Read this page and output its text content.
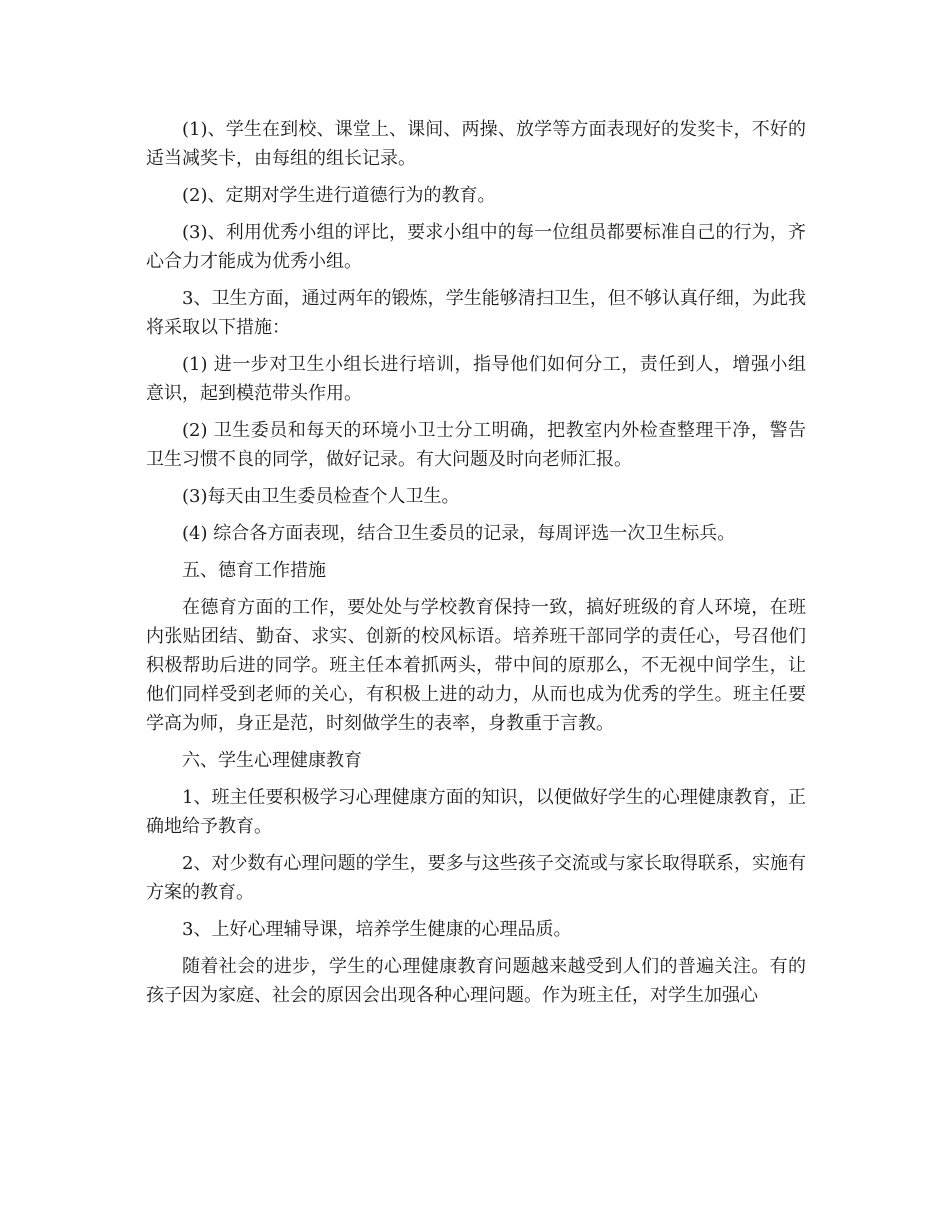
(1)、学生在到校、课堂上、课间、两操、放学等方面表现好的发奖卡，不好的适当减奖卡，由每组的组长记录。

(2)、定期对学生进行道德行为的教育。

(3)、利用优秀小组的评比，要求小组中的每一位组员都要标准自己的行为，齐心合力才能成为优秀小组。

3、卫生方面，通过两年的锻炼，学生能够清扫卫生，但不够认真仔细，为此我将采取以下措施：

(1) 进一步对卫生小组长进行培训，指导他们如何分工，责任到人，增强小组意识，起到模范带头作用。

(2) 卫生委员和每天的环境小卫士分工明确，把教室内外检查整理干净，警告卫生习惯不良的同学，做好记录。有大问题及时向老师汇报。

(3)每天由卫生委员检查个人卫生。

(4) 综合各方面表现，结合卫生委员的记录，每周评选一次卫生标兵。

五、德育工作措施

在德育方面的工作，要处处与学校教育保持一致，搞好班级的育人环境，在班内张贴团结、勤奋、求实、创新的校风标语。培养班干部同学的责任心，号召他们积极帮助后进的同学。班主任本着抓两头，带中间的原那么，不无视中间学生，让他们同样受到老师的关心，有积极上进的动力，从而也成为优秀的学生。班主任要 学高为师，身正是范，时刻做学生的表率，身教重于言教。

六、学生心理健康教育

1、班主任要积极学习心理健康方面的知识，以便做好学生的心理健康教育，正确地给予教育。

2、对少数有心理问题的学生，要多与这些孩子交流或与家长取得联系，实施有方案的教育。

3、上好心理辅导课，培养学生健康的心理品质。

随着社会的进步，学生的心理健康教育问题越来越受到人们的普遍关注。有的孩子因为家庭、社会的原因会出现各种心理问题。作为班主任，对学生加强心
